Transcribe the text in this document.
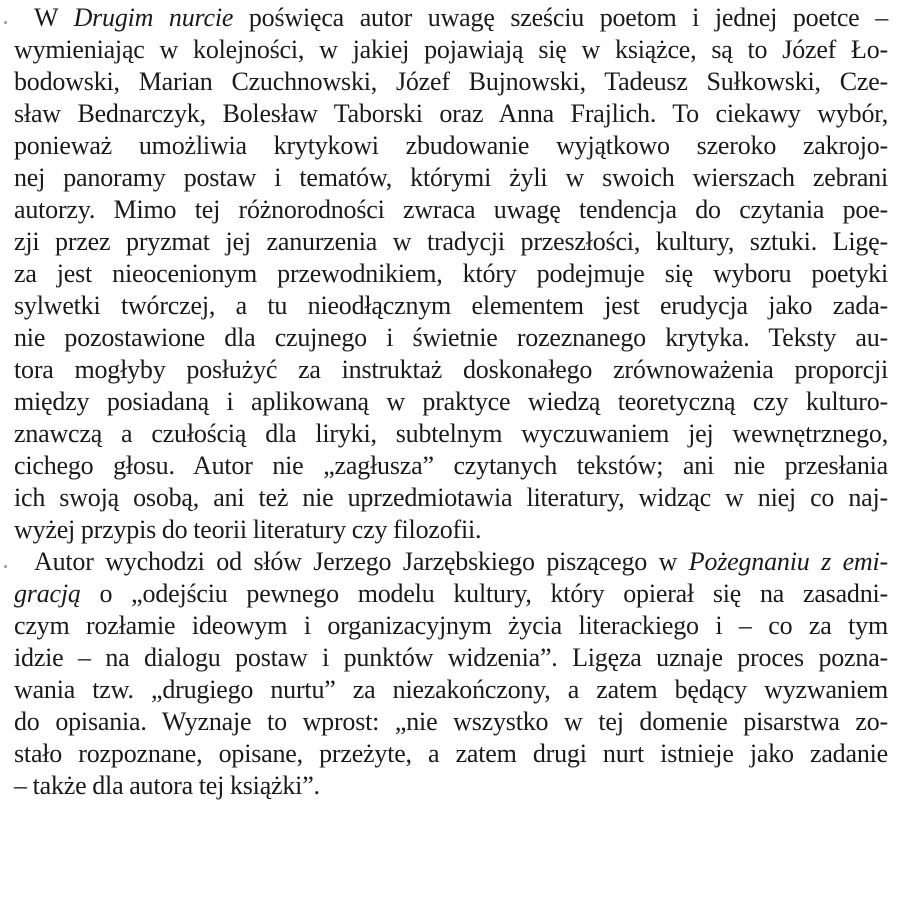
W Drugim nurcie poświęca autor uwagę sześciu poetom i jednej poetce –
wymieniając w kolejności, w jakiej pojawiają się w książce, są to Józef Ło-
bodowski, Marian Czuchnowski, Józef Bujnowski, Tadeusz Sułkowski, Cze-
sław Bednarczyk, Bolesław Taborski oraz Anna Frajlich. To ciekawy wybór,
ponieważ umożliwia krytykowi zbudowanie wyjątkowo szeroko zakrojo-
nej panoramy postaw i tematów, którymi żyli w swoich wierszach zebrani
autorzy. Mimo tej różnorodności zwraca uwagę tendencja do czytania poe-
zji przez pryzmat jej zanurzenia w tradycji przeszłości, kultury, sztuki. Ligę-
za jest nieocenionym przewodnikiem, który podejmuje się wyboru poetyki
sylwetki twórczej, a tu nieodłącznym elementem jest erudycja jako zada-
nie pozostawione dla czujnego i świetnie rozeznanego krytyka. Teksty au-
tora mogłyby posłużyć za instruktaż doskonałego zrównoważenia proporcji
między posiadaną i aplikowaną w praktyce wiedzą teoretyczną czy kulturo-
znawczą a czułością dla liryki, subtelnym wyczuwaniem jej wewnętrznego,
cichego głosu. Autor nie „zagłusza” czytanych tekstów; ani nie przesłania
ich swoją osobą, ani też nie uprzedmiotawia literatury, widząc w niej co naj-
wyżej przypis do teorii literatury czy filozofii.
Autor wychodzi od słów Jerzego Jarzębskiego piszącego w Pożegnaniu z emi-
gracją o „odejściu pewnego modelu kultury, który opierał się na zasadni-
czym rozłamie ideowym i organizacyjnym życia literackiego i – co za tym
idzie – na dialogu postaw i punktów widzenia”. Ligęza uznaje proces pozna-
wania tzw. „drugiego nurtu” za niezakończony, a zatem będący wyzwaniem
do opisania. Wyznaje to wprost: „nie wszystko w tej domenie pisarstwa zo-
stało rozpoznane, opisane, przeżyte, a zatem drugi nurt istnieje jako zadanie
– także dla autora tej książki”.
